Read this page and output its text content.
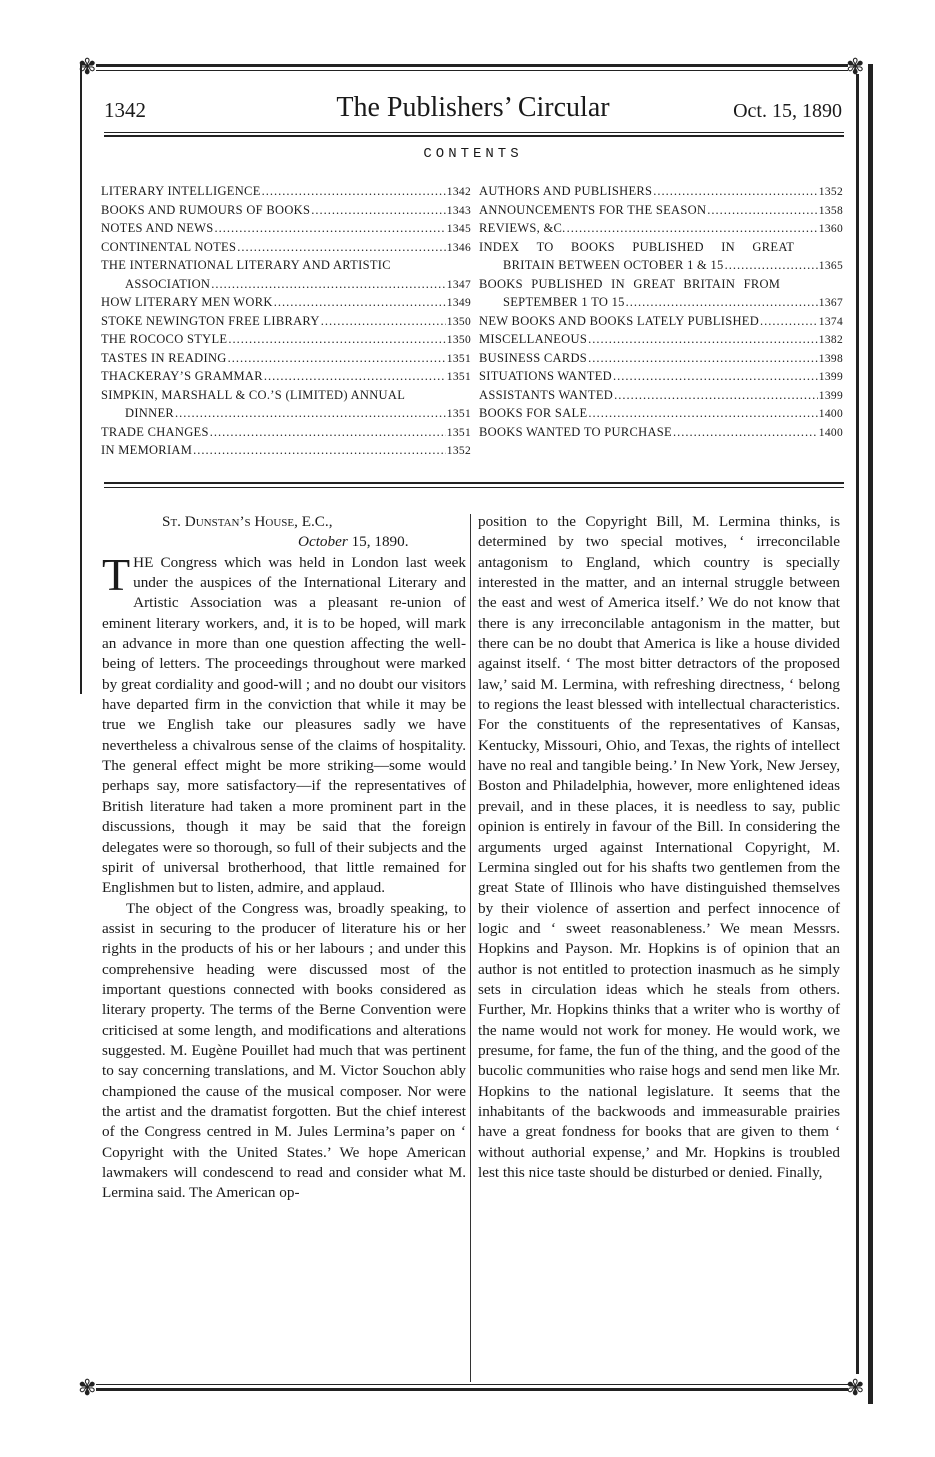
✾	✾
✾	✾
1342	The Publishers’ Circular	Oct. 15, 1890
CONTENTS
LITERARY INTELLIGENCE .....	1342
BOOKS AND RUMOURS OF BOOKS .....	1343
NOTES AND NEWS .....	1345
CONTINENTAL NOTES .....	1346
THE INTERNATIONAL LITERARY AND ARTISTIC
ASSOCIATION .....	1347
HOW LITERARY MEN WORK .....	1349
STOKE NEWINGTON FREE LIBRARY .....	1350
THE ROCOCO STYLE .....	1350
TASTES IN READING .....	1351
THACKERAY’S GRAMMAR .....	1351
SIMPKIN, MARSHALL & CO.’S (LIMITED) ANNUAL
DINNER .....	1351
TRADE CHANGES .....	1351
IN MEMORIAM .....	1352
AUTHORS AND PUBLISHERS .....	1352
ANNOUNCEMENTS FOR THE SEASON .....	1358
REVIEWS, &C. .....	1360
INDEX TO BOOKS PUBLISHED IN GREAT
BRITAIN BETWEEN OCTOBER 1 & 15 .....	1365
BOOKS PUBLISHED IN GREAT BRITAIN FROM
SEPTEMBER 1 TO 15 .....	1367
NEW BOOKS AND BOOKS LATELY PUBLISHED .....	1374
MISCELLANEOUS .....	1382
BUSINESS CARDS .....	1398
SITUATIONS WANTED .....	1399
ASSISTANTS WANTED .....	1399
BOOKS FOR SALE .....	1400
BOOKS WANTED TO PURCHASE .....	1400

St. Dunstan’s House, E.C.,

October 15, 1890.

THE Congress which was held in London last week under the auspices of the International Literary and Artistic Association was a pleasant re-union of eminent literary workers, and, it is to be hoped, will mark an advance in more than one question affecting the well-being of letters. The proceedings throughout were marked by great cordiality and good-will ; and no doubt our visitors have departed firm in the conviction that while it may be true we English take our pleasures sadly we have nevertheless a chivalrous sense of the claims of hospitality. The general effect might be more striking—some would perhaps say, more satisfactory—if the representatives of British literature had taken a more prominent part in the discussions, though it may be said that the foreign delegates were so thorough, so full of their subjects and the spirit of universal brotherhood, that little remained for Englishmen but to listen, admire, and applaud.

The object of the Congress was, broadly speaking, to assist in securing to the producer of literature his or her rights in the products of his or her labours ; and under this comprehensive heading were discussed most of the important questions connected with books considered as literary property. The terms of the Berne Convention were criticised at some length, and modifications and alterations suggested. M. Eugène Pouillet had much that was pertinent to say concerning translations, and M. Victor Souchon ably championed the cause of the musical composer. Nor were the artist and the dramatist forgotten. But the chief interest of the Congress centred in M. Jules Lermina’s paper on ‘ Copyright with the United States.’ We hope American lawmakers will condescend to read and consider what M. Lermina said. The American op-

position to the Copyright Bill, M. Lermina thinks, is determined by two special motives, ‘ irreconcilable antagonism to England, which country is specially interested in the matter, and an internal struggle between the east and west of America itself.’ We do not know that there is any irreconcilable antagonism in the matter, but there can be no doubt that America is like a house divided against itself. ‘ The most bitter detractors of the proposed law,’ said M. Lermina, with refreshing directness, ‘ belong to regions the least blessed with intellectual characteristics. For the constituents of the representatives of Kansas, Kentucky, Missouri, Ohio, and Texas, the rights of intellect have no real and tangible being.’ In New York, New Jersey, Boston and Philadelphia, however, more enlightened ideas prevail, and in these places, it is needless to say, public opinion is entirely in favour of the Bill. In considering the arguments urged against International Copyright, M. Lermina singled out for his shafts two gentlemen from the great State of Illinois who have distinguished themselves by their violence of assertion and perfect innocence of logic and ‘ sweet reasonableness.’ We mean Messrs. Hopkins and Payson. Mr. Hopkins is of opinion that an author is not entitled to protection inasmuch as he simply sets in circulation ideas which he steals from others. Further, Mr. Hopkins thinks that a writer who is worthy of the name would not work for money. He would work, we presume, for fame, the fun of the thing, and the good of the bucolic communities who raise hogs and send men like Mr. Hopkins to the national legislature. It seems that the inhabitants of the backwoods and immeasurable prairies have a great fondness for books that are given to them ‘ without authorial expense,’ and Mr. Hopkins is troubled lest this nice taste should be disturbed or denied. Finally,
